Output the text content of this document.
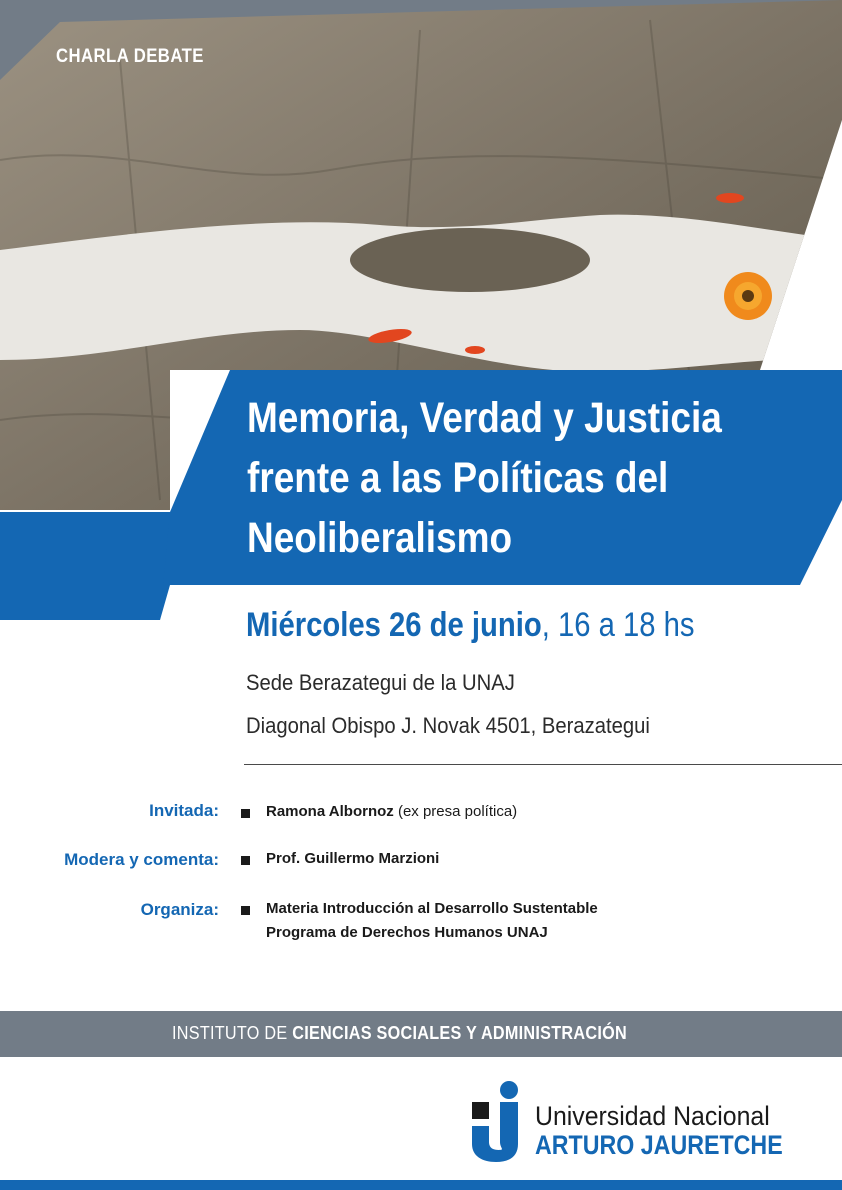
CHARLA DEBATE
Memoria, Verdad y Justicia
frente a las Políticas del
Neoliberalismo
Miércoles 26 de junio, 16 a 18 hs
Sede Berazategui de la UNAJ
Diagonal Obispo J. Novak 4501, Berazategui
Invitada:	Ramona Albornoz (ex presa política)
Modera y comenta:	Prof. Guillermo Marzioni
Organiza:	Materia Introducción al Desarrollo Sustentable
Programa de Derechos Humanos UNAJ
INSTITUTO DE CIENCIAS SOCIALES Y ADMINISTRACIÓN
Universidad Nacional
ARTURO JAURETCHE
